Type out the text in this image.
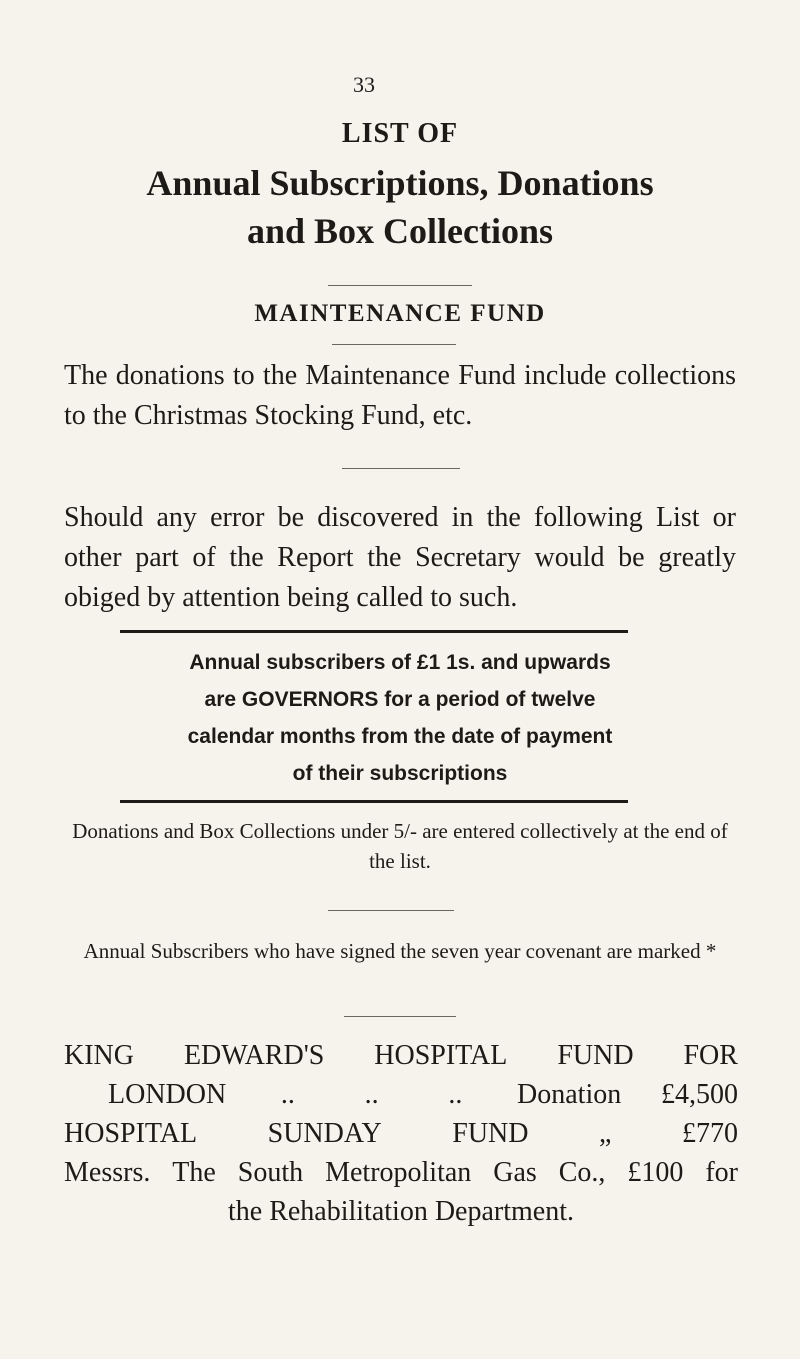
33
LIST OF
Annual Subscriptions, Donations
and Box Collections
MAINTENANCE FUND
The donations to the Maintenance Fund include collections to the Christmas Stocking Fund, etc.
Should any error be discovered in the following List or other part of the Report the Secretary would be greatly obiged by attention being called to such.
Annual subscribers of £1 1s. and upwards
are GOVERNORS for a period of twelve
calendar months from the date of payment
of their subscriptions
Donations and Box Collections under 5/- are entered collectively at the end of the list.
Annual Subscribers who have signed the seven year covenant are marked *
KING EDWARD'S HOSPITAL FUND FOR
LONDON	..	..	..	Donation £4,500
HOSPITAL	SUNDAY	FUND	„	£770
Messrs. The South Metropolitan Gas Co., £100 for
the Rehabilitation Department.
